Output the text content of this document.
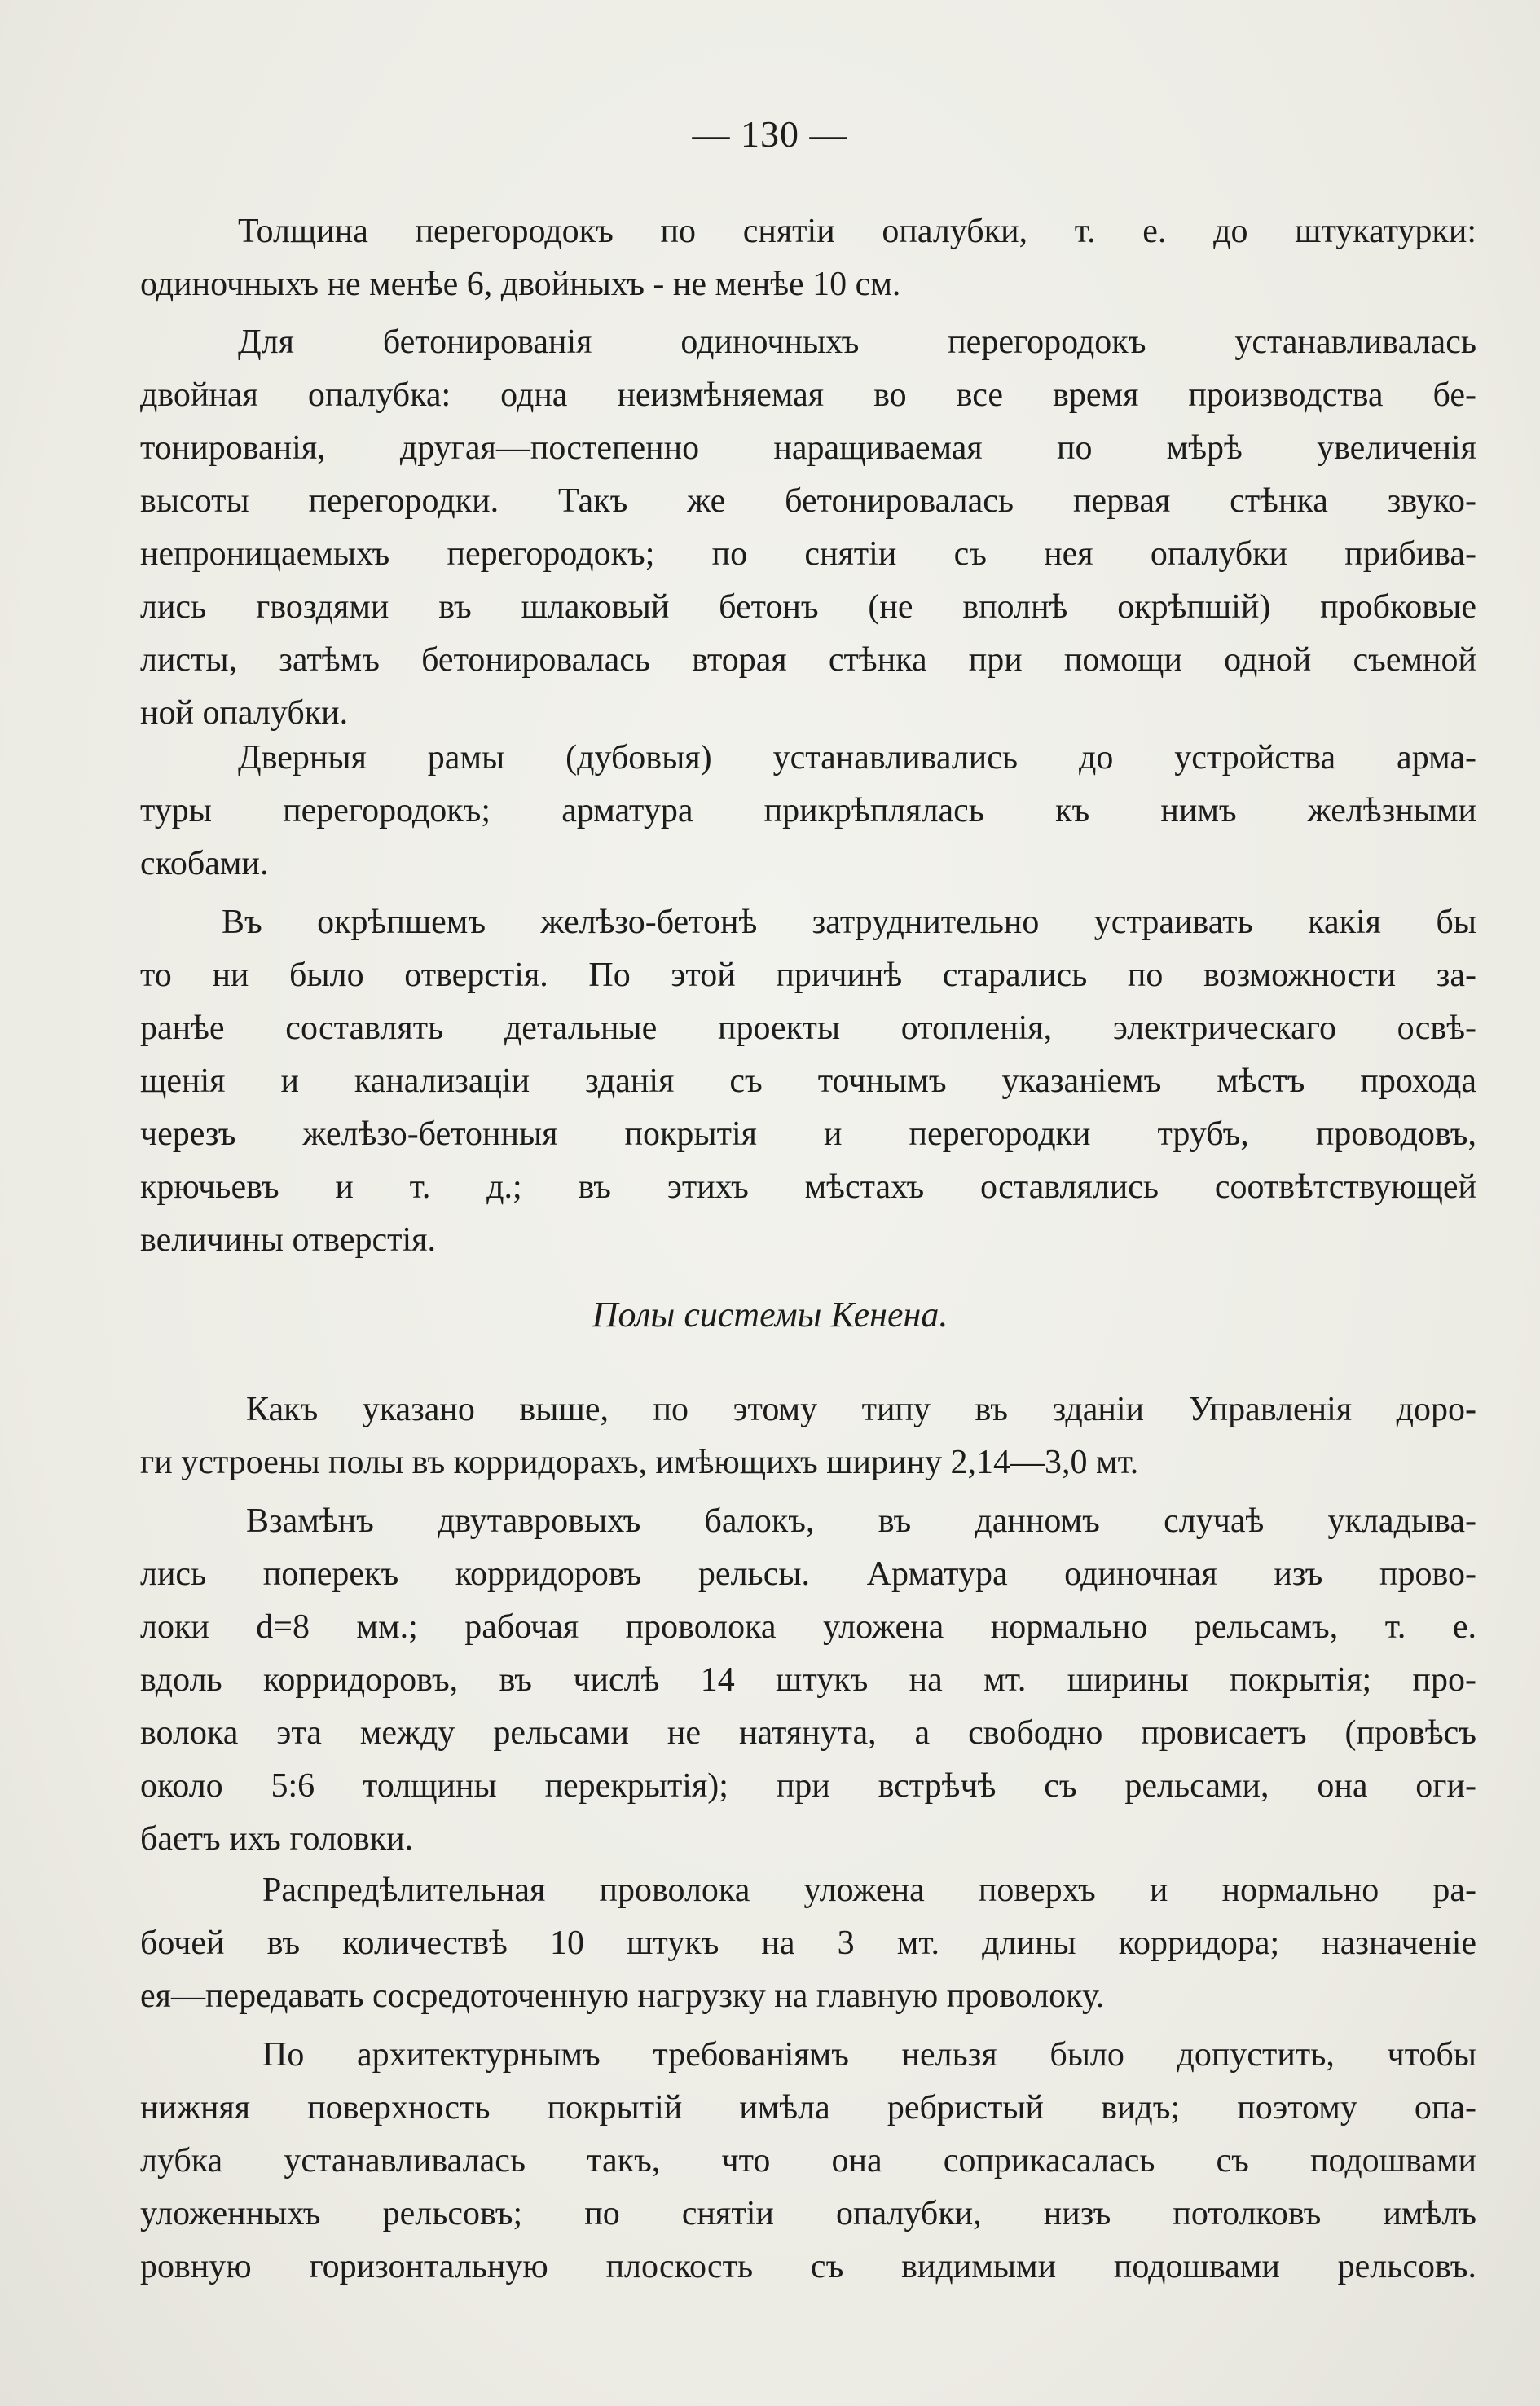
— 130 —

Толщина перегородокъ по снятіи опалубки, т. е. до штукатурки:
одиночныхъ не менѣе 6, двойныхъ - не менѣе 10 см.

Для бетонированія одиночныхъ перегородокъ устанавливалась
двойная опалубка: одна неизмѣняемая во все время производства бе-
тонированія, другая—постепенно наращиваемая по мѣрѣ увеличенія
высоты перегородки. Такъ же бетонировалась первая стѣнка звуко-
непроницаемыхъ перегородокъ; по снятіи съ нея опалубки прибива-
лись гвоздями въ шлаковый бетонъ (не вполнѣ окрѣпшій) пробковые
листы, затѣмъ бетонировалась вторая стѣнка при помощи одной съемной
ной опалубки.

Дверныя рамы (дубовыя) устанавливались до устройства арма-
туры перегородокъ; арматура прикрѣплялась къ нимъ желѣзными
скобами.

Въ окрѣпшемъ желѣзо-бетонѣ затруднительно устраивать какія бы
то ни было отверстія. По этой причинѣ старались по возможности за-
ранѣе составлять детальные проекты отопленія, электрическаго освѣ-
щенія и канализаціи зданія съ точнымъ указаніемъ мѣстъ прохода
черезъ желѣзо-бетонныя покрытія и перегородки трубъ, проводовъ,
крючьевъ и т. д.; въ этихъ мѣстахъ оставлялись соотвѣтствующей
величины отверстія.

Полы системы Кенена.

Какъ указано выше, по этому типу въ зданіи Управленія доро-
ги устроены полы въ корридорахъ, имѣющихъ ширину 2,14—3,0 мт.

Взамѣнъ двутавровыхъ балокъ, въ данномъ случаѣ укладыва-
лись поперекъ корридоровъ рельсы. Арматура одиночная изъ прово-
локи d=8 мм.; рабочая проволока уложена нормально рельсамъ, т. е.
вдоль корридоровъ, въ числѣ 14 штукъ на мт. ширины покрытія; про-
волока эта между рельсами не натянута, а свободно провисаетъ (провѣсъ
около 5:6 толщины перекрытія); при встрѣчѣ съ рельсами, она оги-
баетъ ихъ головки.

Распредѣлительная проволока уложена поверхъ и нормально ра-
бочей въ количествѣ 10 штукъ на 3 мт. длины корридора; назначеніе
ея—передавать сосредоточенную нагрузку на главную проволоку.

По архитектурнымъ требованіямъ нельзя было допустить, чтобы
нижняя поверхность покрытій имѣла ребристый видъ; поэтому опа-
лубка устанавливалась такъ, что она соприкасалась съ подошвами
уложенныхъ рельсовъ; по снятіи опалубки, низъ потолковъ имѣлъ
ровную горизонтальную плоскость съ видимыми подошвами рельсовъ.
